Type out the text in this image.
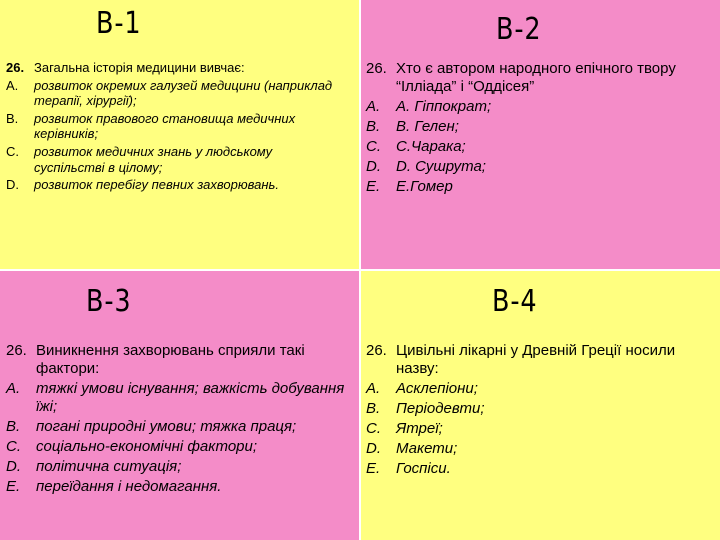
В-1
26. Загальна історія медицини вивчає:
A.	розвиток окремих галузей медицини (наприклад терапії, хірургії);
B.	розвиток правового становища медичних керівників;
C.	розвиток медичних знань у людському суспільстві в цілому;
D.	розвиток перебігу певних захворювань.
В-2
26. Хто є автором народного епічного твору “Iлліада” і “Оддісея”
A.	А. Гіппократ;
B.	В. Гелен;
C.	С.Чарака;
D.	D. Сушрута;
E.	Е.Гомер
В-3
26. Виникнення захворювань сприяли такі фактори:
A.	тяжкі умови існування; важкість добування їжі;
B.	погані природні умови; тяжка праця;
C.	соціально-економічні фактори;
D.	політична ситуація;
E.	переїдання і недомагання.
В-4
26. Цивільні лікарні у Древній Греції носили назву:
A.	Асклепіони;
B.	Періодевти;
C.	Ятреї;
D.	Макети;
E.	Госпіси.
